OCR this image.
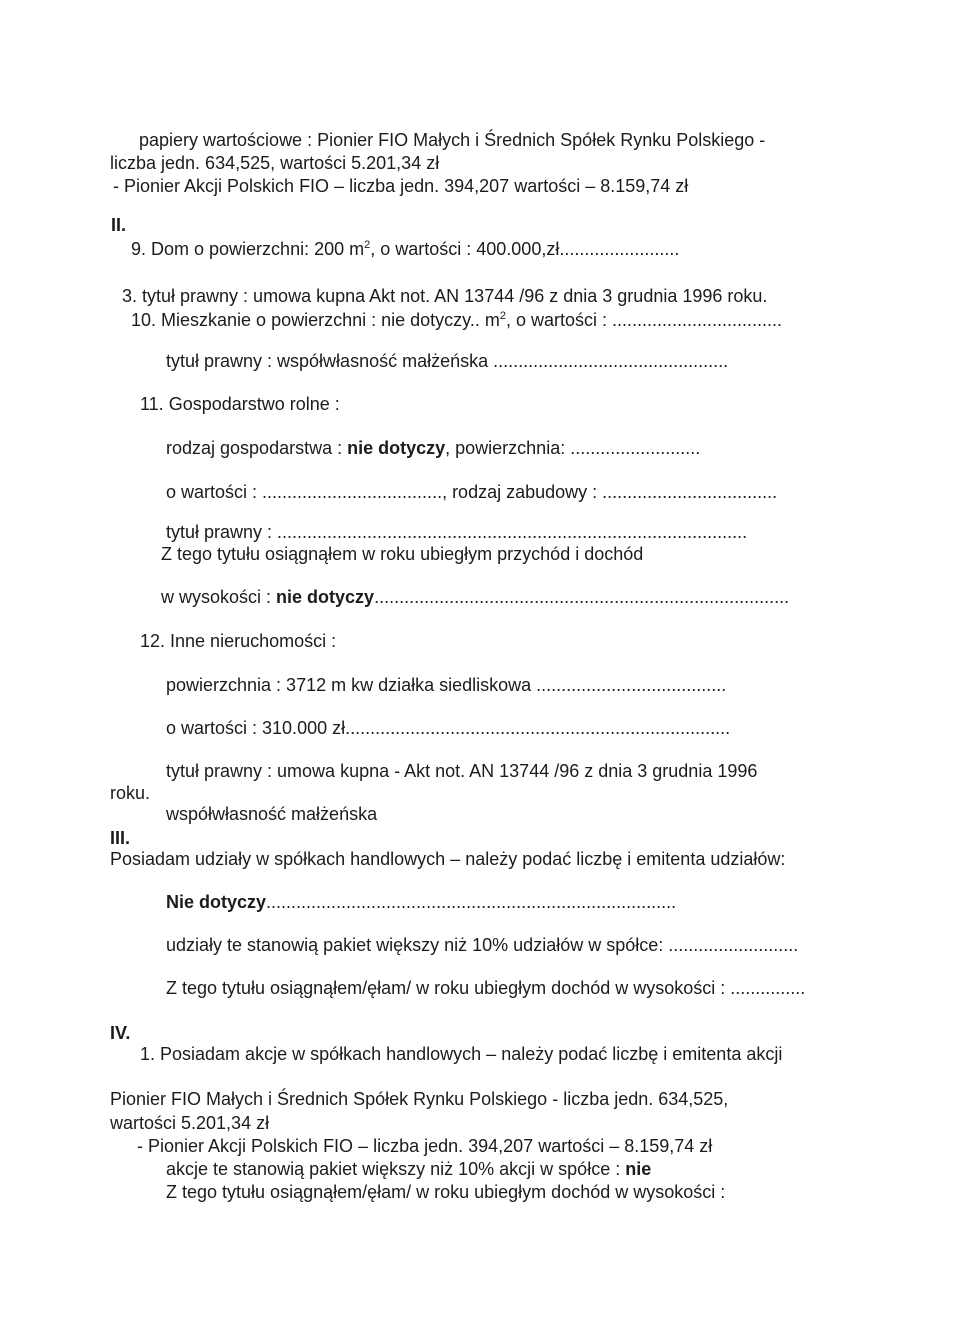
papiery wartościowe : Pionier FIO Małych i Średnich Spółek Rynku Polskiego -
liczba jedn. 634,525, wartości 5.201,34 zł
- Pionier Akcji Polskich FIO – liczba jedn. 394,207 wartości – 8.159,74 zł
II.
9. Dom o powierzchni: 200 $m^2$, o wartości : 400.000,zł........................
3. tytuł prawny : umowa kupna Akt not. AN 13744 /96 z dnia 3 grudnia 1996 roku.
10. Mieszkanie o powierzchni : nie dotyczy.. $m^2$, o wartości : ..................................
tytuł prawny : współwłasność małżeńska ...............................................
11. Gospodarstwo rolne :
rodzaj gospodarstwa : nie dotyczy, powierzchnia: ..........................
o wartości : ...................................., rodzaj zabudowy : ...................................
tytuł prawny : ..............................................................................................
Z tego tytułu osiągnąłem w roku ubiegłym przychód i dochód
w wysokości : nie dotyczy...................................................................................
12. Inne nieruchomości :
powierzchnia : 3712 m kw działka siedliskowa ......................................
o wartości : 310.000 zł.............................................................................
tytuł prawny : umowa kupna - Akt not. AN 13744 /96 z dnia 3 grudnia 1996
roku.
współwłasność małżeńska
III.
Posiadam udziały w spółkach handlowych – należy podać liczbę i emitenta udziałów:
Nie dotyczy..................................................................................
udziały te stanowią pakiet większy niż 10% udziałów w spółce: ..........................
Z tego tytułu osiągnąłem/ęłam/ w roku ubiegłym dochód w wysokości : ...............
IV.
1. Posiadam akcje w spółkach handlowych – należy podać liczbę i emitenta akcji
Pionier FIO Małych i Średnich Spółek Rynku Polskiego - liczba jedn. 634,525,
wartości 5.201,34 zł
- Pionier Akcji Polskich FIO – liczba jedn. 394,207 wartości – 8.159,74 zł
akcje te stanowią pakiet większy niż 10% akcji w spółce : nie
Z tego tytułu osiągnąłem/ęłam/ w roku ubiegłym dochód w wysokości :
